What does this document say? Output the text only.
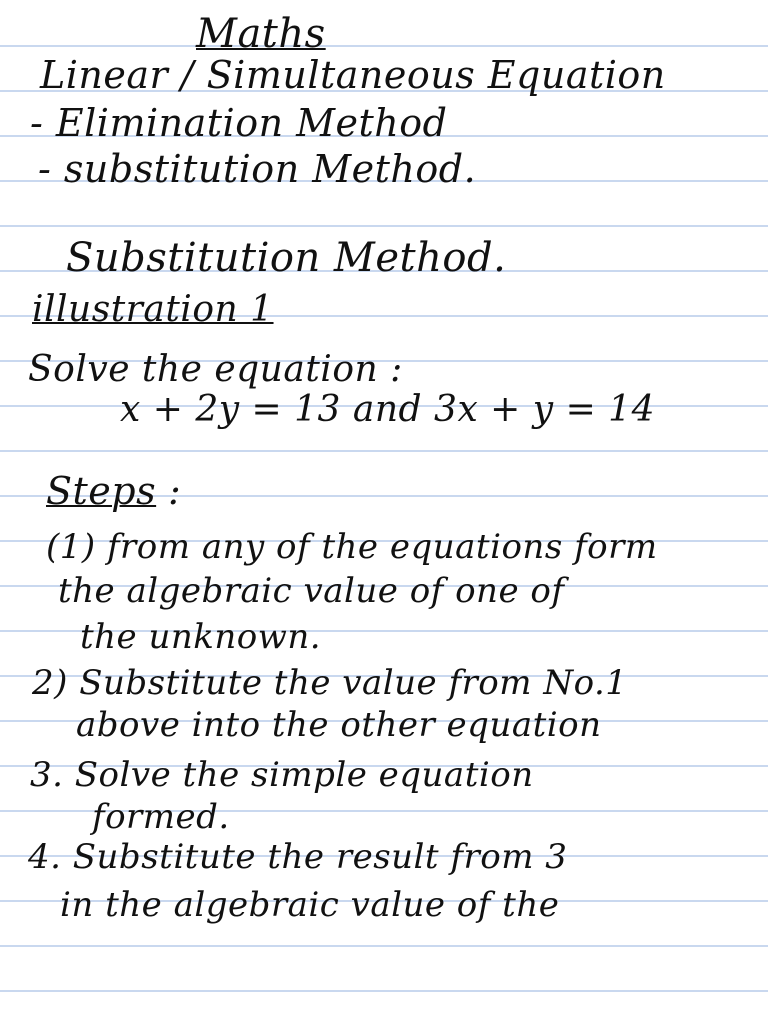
Maths
Linear / Simultaneous Equation
- Elimination Method
- substitution Method.
Substitution Method.
illustration 1
Solve the equation :
x + 2y = 13 and 3x + y = 14
Steps :
(1) from any of the equations form
the algebraic value of one of
the unknown.
2) Substitute the value from No.1
above into the other equation
3. Solve the simple equation
formed.
4. Substitute the result from 3
in the algebraic value of the
